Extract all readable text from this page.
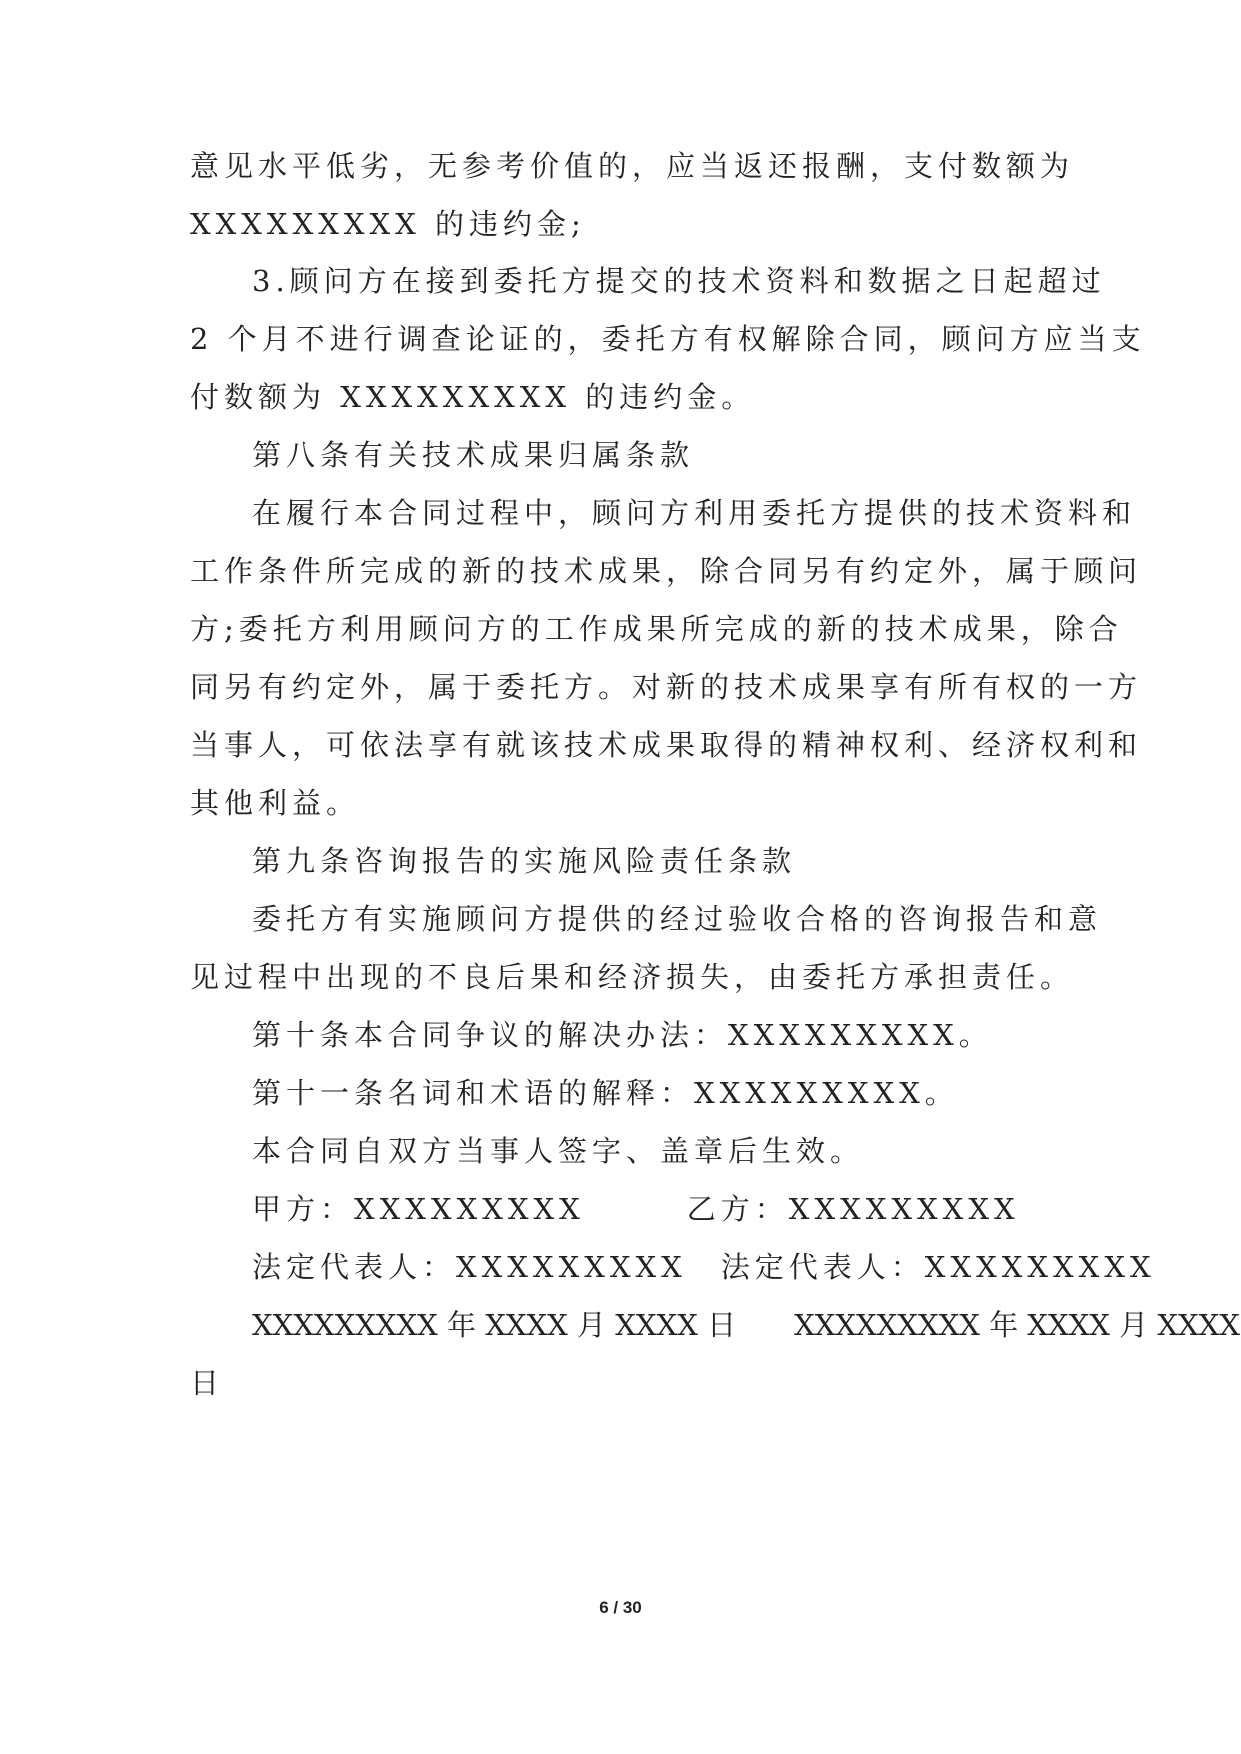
意见水平低劣，无参考价值的，应当返还报酬，支付数额为
XXXXXXXXX 的违约金;
3.顾问方在接到委托方提交的技术资料和数据之日起超过
2 个月不进行调查论证的，委托方有权解除合同，顾问方应当支
付数额为 XXXXXXXXX 的违约金。
第八条有关技术成果归属条款
在履行本合同过程中，顾问方利用委托方提供的技术资料和
工作条件所完成的新的技术成果，除合同另有约定外，属于顾问
方;委托方利用顾问方的工作成果所完成的新的技术成果，除合
同另有约定外，属于委托方。对新的技术成果享有所有权的一方
当事人，可依法享有就该技术成果取得的精神权利、经济权利和
其他利益。
第九条咨询报告的实施风险责任条款
委托方有实施顾问方提供的经过验收合格的咨询报告和意
见过程中出现的不良后果和经济损失，由委托方承担责任。
第十条本合同争议的解决办法：XXXXXXXXX。
第十一条名词和术语的解释：XXXXXXXXX。
本合同自双方当事人签字、盖章后生效。
甲方：XXXXXXXXX　　　乙方：XXXXXXXXX
法定代表人：XXXXXXXXX　法定代表人：XXXXXXXXX
XXXXXXXXX 年 XXXX 月 XXXX 日　　XXXXXXXXX 年 XXXX 月 XXXX
日
6 / 30
